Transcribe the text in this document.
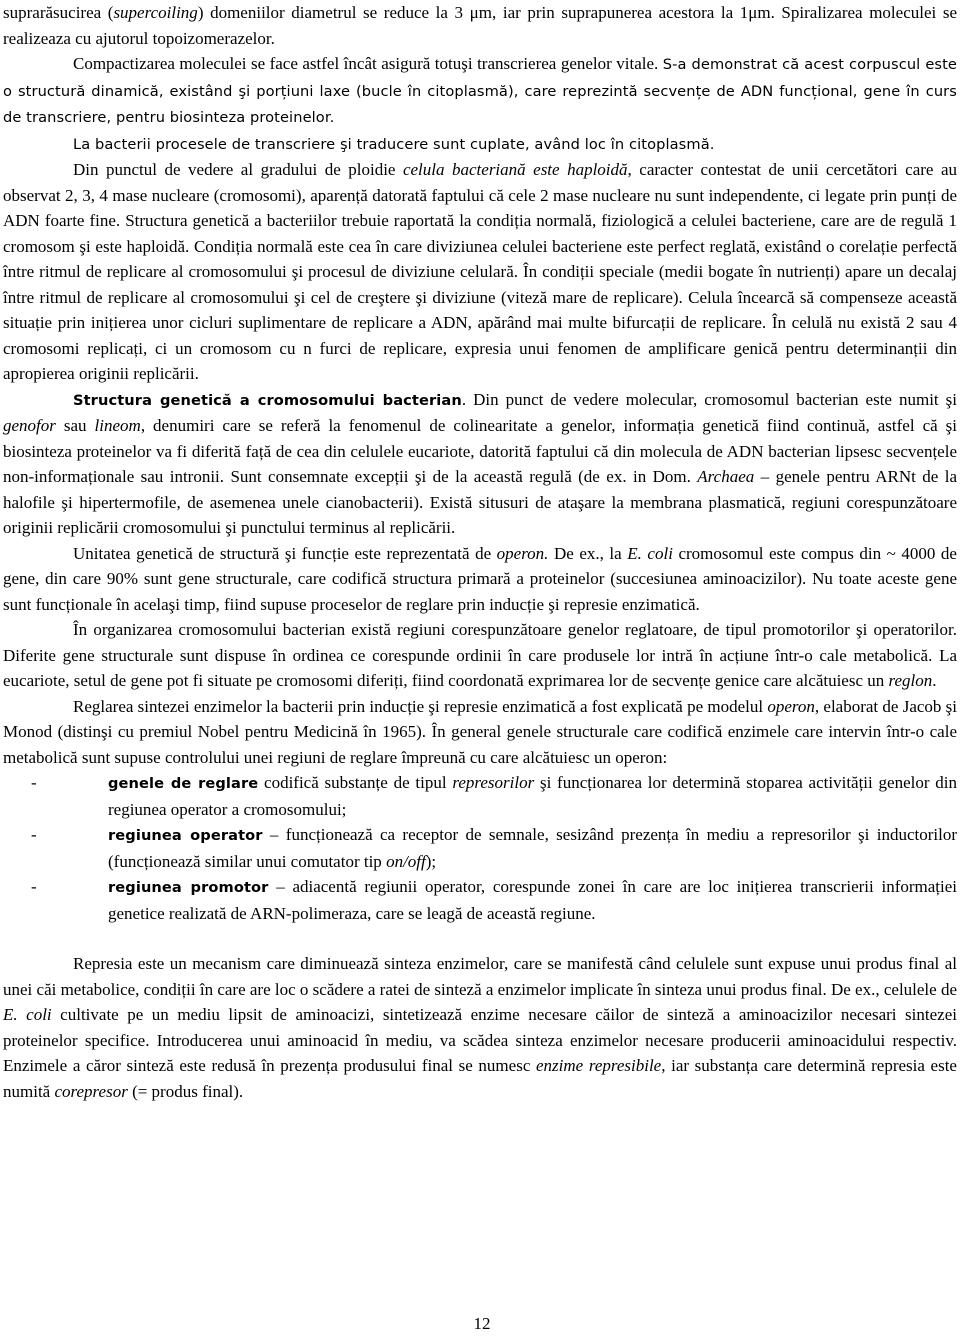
suprarăsucirea (supercoiling) domeniilor diametrul se reduce la 3 μm, iar prin suprapunerea acestora la 1μm. Spiralizarea moleculei se realizeaza cu ajutorul topoizomerazelor.

Compactizarea moleculei se face astfel încât asigură totuşi transcrierea genelor vitale. S-a demonstrat că acest corpuscul este o structură dinamică, existând şi porțiuni laxe (bucle în citoplasmă), care reprezintă secvențe de ADN funcțional, gene în curs de transcriere, pentru biosinteza proteinelor.

La bacterii procesele de transcriere şi traducere sunt cuplate, având loc în citoplasmă.

Din punctul de vedere al gradului de ploidie celula bacteriană este haploidă, caracter contestat de unii cercetători care au observat 2, 3, 4 mase nucleare (cromosomi), aparență datorată faptului că cele 2 mase nucleare nu sunt independente, ci legate prin punți de ADN foarte fine. Structura genetică a bacteriilor trebuie raportată la condiția normală, fiziologică a celulei bacteriene, care are de regulă 1 cromosom şi este haploidă. Condiția normală este cea în care diviziunea celulei bacteriene este perfect reglată, existând o corelație perfectă între ritmul de replicare al cromosomului şi procesul de diviziune celulară. În condiții speciale (medii bogate în nutrienți) apare un decalaj între ritmul de replicare al cromosomului şi cel de creştere şi diviziune (viteză mare de replicare). Celula încearcă să compenseze această situație prin inițierea unor cicluri suplimentare de replicare a ADN, apărând mai multe bifurcații de replicare. În celulă nu există 2 sau 4 cromosomi replicați, ci un cromosom cu n furci de replicare, expresia unui fenomen de amplificare genică pentru determinanții din apropierea originii replicării.

Structura genetică a cromosomului bacterian. Din punct de vedere molecular, cromosomul bacterian este numit şi genofor sau lineom, denumiri care se referă la fenomenul de colinearitate a genelor, informația genetică fiind continuă, astfel că şi biosinteza proteinelor va fi diferită față de cea din celulele eucariote, datorită faptului că din molecula de ADN bacterian lipsesc secvențele non-informaționale sau intronii. Sunt consemnate excepții şi de la această regulă (de ex. in Dom. Archaea – genele pentru ARNt de la halofile şi hipertermofile, de asemenea unele cianobacterii). Există situsuri de ataşare la membrana plasmatică, regiuni corespunzătoare originii replicării cromosomului şi punctului terminus al replicării.

Unitatea genetică de structură şi funcție este reprezentată de operon. De ex., la E. coli cromosomul este compus din ~ 4000 de gene, din care 90% sunt gene structurale, care codifică structura primară a proteinelor (succesiunea aminoacizilor). Nu toate aceste gene sunt funcționale în acelaşi timp, fiind supuse proceselor de reglare prin inducție şi represie enzimatică.

În organizarea cromosomului bacterian există regiuni corespunzătoare genelor reglatoare, de tipul promotorilor şi operatorilor. Diferite gene structurale sunt dispuse în ordinea ce corespunde ordinii în care produsele lor intră în acțiune într-o cale metabolică. La eucariote, setul de gene pot fi situate pe cromosomi diferiți, fiind coordonată exprimarea lor de secvențe genice care alcătuiesc un reglon.

Reglarea sintezei enzimelor la bacterii prin inducție şi represie enzimatică a fost explicată pe modelul operon, elaborat de Jacob şi Monod (distinşi cu premiul Nobel pentru Medicină în 1965). În general genele structurale care codifică enzimele care intervin într-o cale metabolică sunt supuse controlului unei regiuni de reglare împreună cu care alcătuiesc un operon:

-	genele de reglare codifică substanțe de tipul represorilor şi funcționarea lor determină stoparea activității genelor din regiunea operator a cromosomului;
-	regiunea operator – funcționează ca receptor de semnale, sesizând prezența în mediu a represorilor şi inductorilor (funcționează similar unui comutator tip on/off);
-	regiunea promotor – adiacentă regiunii operator, corespunde zonei în care are loc inițierea transcrierii informației genetice realizată de ARN-polimeraza, care se leagă de această regiune.

Represia este un mecanism care diminuează sinteza enzimelor, care se manifestă când celulele sunt expuse unui produs final al unei căi metabolice, condiții în care are loc o scădere a ratei de sinteză a enzimelor implicate în sinteza unui produs final. De ex., celulele de E. coli cultivate pe un mediu lipsit de aminoacizi, sintetizează enzime necesare căilor de sinteză a aminoacizilor necesari sintezei proteinelor specifice. Introducerea unui aminoacid în mediu, va scădea sinteza enzimelor necesare producerii aminoacidului respectiv. Enzimele a căror sinteză este redusă în prezența produsului final se numesc enzime represibile, iar substanța care determină represia este numită corepresor (= produs final).

12
